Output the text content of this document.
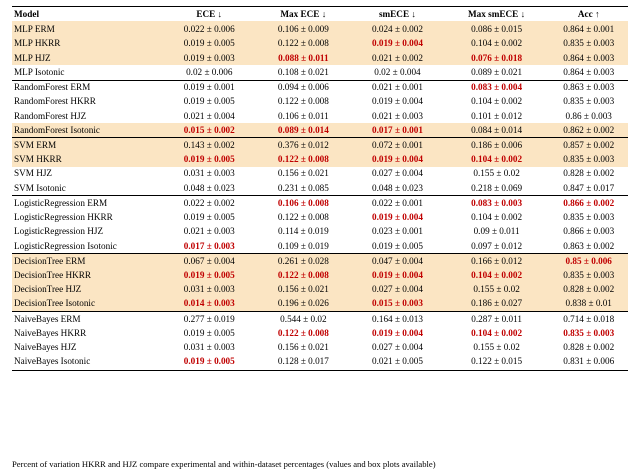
Model	ECE ↓	Max ECE ↓	smECE ↓	Max smECE ↓	Acc ↑
MLP ERM	0.022 ± 0.006	0.106 ± 0.009	0.024 ± 0.002	0.086 ± 0.015	0.864 ± 0.001
MLP HKRR	0.019 ± 0.005	0.122 ± 0.008	0.019 ± 0.004	0.104 ± 0.002	0.835 ± 0.003
MLP HJZ	0.019 ± 0.003	0.088 ± 0.011	0.021 ± 0.002	0.076 ± 0.018	0.864 ± 0.003
MLP Isotonic	0.02 ± 0.006	0.108 ± 0.021	0.02 ± 0.004	0.089 ± 0.021	0.864 ± 0.003
RandomForest ERM	0.019 ± 0.001	0.094 ± 0.006	0.021 ± 0.001	0.083 ± 0.004	0.863 ± 0.003
RandomForest HKRR	0.019 ± 0.005	0.122 ± 0.008	0.019 ± 0.004	0.104 ± 0.002	0.835 ± 0.003
RandomForest HJZ	0.021 ± 0.004	0.106 ± 0.011	0.021 ± 0.003	0.101 ± 0.012	0.86 ± 0.003
RandomForest Isotonic	0.015 ± 0.002	0.089 ± 0.014	0.017 ± 0.001	0.084 ± 0.014	0.862 ± 0.002
SVM ERM	0.143 ± 0.002	0.376 ± 0.012	0.072 ± 0.001	0.186 ± 0.006	0.857 ± 0.002
SVM HKRR	0.019 ± 0.005	0.122 ± 0.008	0.019 ± 0.004	0.104 ± 0.002	0.835 ± 0.003
SVM HJZ	0.031 ± 0.003	0.156 ± 0.021	0.027 ± 0.004	0.155 ± 0.02	0.828 ± 0.002
SVM Isotonic	0.048 ± 0.023	0.231 ± 0.085	0.048 ± 0.023	0.218 ± 0.069	0.847 ± 0.017
LogisticRegression ERM	0.022 ± 0.002	0.106 ± 0.008	0.022 ± 0.001	0.083 ± 0.003	0.866 ± 0.002
LogisticRegression HKRR	0.019 ± 0.005	0.122 ± 0.008	0.019 ± 0.004	0.104 ± 0.002	0.835 ± 0.003
LogisticRegression HJZ	0.021 ± 0.003	0.114 ± 0.019	0.023 ± 0.001	0.09 ± 0.011	0.866 ± 0.003
LogisticRegression Isotonic	0.017 ± 0.003	0.109 ± 0.019	0.019 ± 0.005	0.097 ± 0.012	0.863 ± 0.002
DecisionTree ERM	0.067 ± 0.004	0.261 ± 0.028	0.047 ± 0.004	0.166 ± 0.012	0.85 ± 0.006
DecisionTree HKRR	0.019 ± 0.005	0.122 ± 0.008	0.019 ± 0.004	0.104 ± 0.002	0.835 ± 0.003
DecisionTree HJZ	0.031 ± 0.003	0.156 ± 0.021	0.027 ± 0.004	0.155 ± 0.02	0.828 ± 0.002
DecisionTree Isotonic	0.014 ± 0.003	0.196 ± 0.026	0.015 ± 0.003	0.186 ± 0.027	0.838 ± 0.01
NaiveBayes ERM	0.277 ± 0.019	0.544 ± 0.02	0.164 ± 0.013	0.287 ± 0.011	0.714 ± 0.018
NaiveBayes HKRR	0.019 ± 0.005	0.122 ± 0.008	0.019 ± 0.004	0.104 ± 0.002	0.835 ± 0.003
NaiveBayes HJZ	0.031 ± 0.003	0.156 ± 0.021	0.027 ± 0.004	0.155 ± 0.02	0.828 ± 0.002
NaiveBayes Isotonic	0.019 ± 0.005	0.128 ± 0.017	0.021 ± 0.005	0.122 ± 0.015	0.831 ± 0.006
Percent of variation HKRR and HJZ compare experimental and within-dataset percentages (values and box plots available)
